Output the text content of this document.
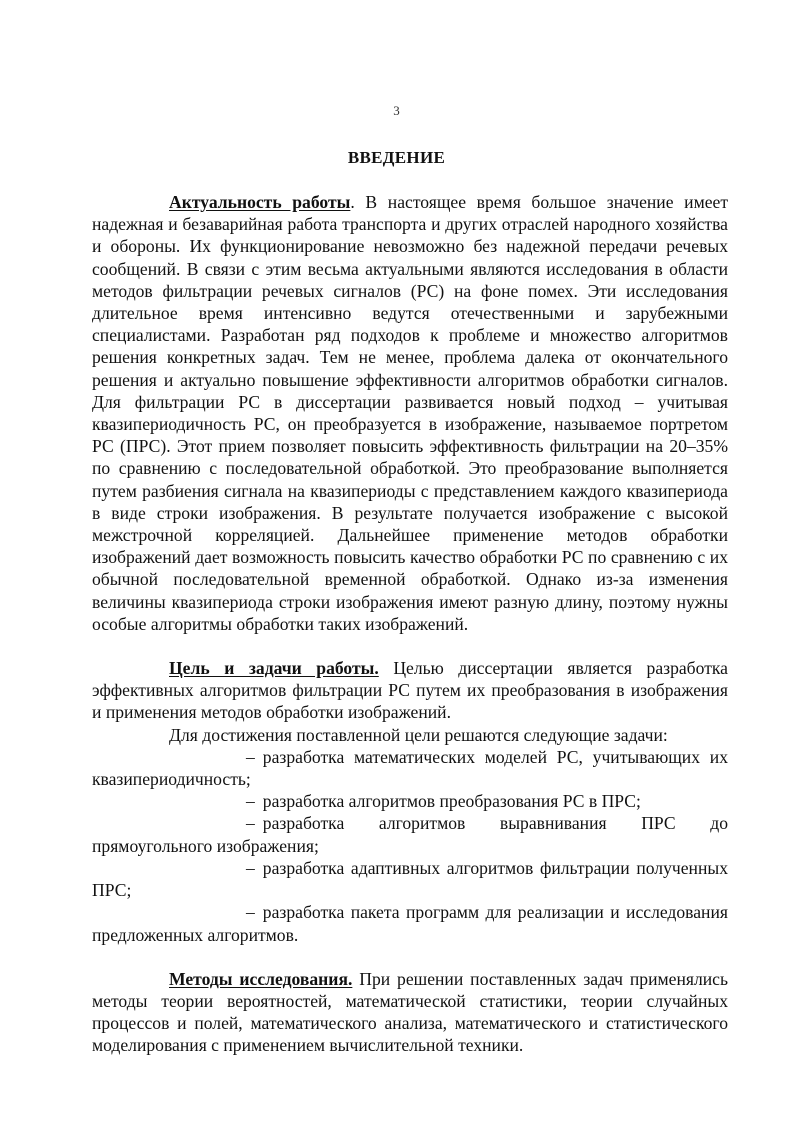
3
ВВЕДЕНИЕ

Актуальность работы. В настоящее время большое значение имеет надежная и безаварийная работа транспорта и других отраслей народного хозяйства и обороны. Их функционирование невозможно без надежной передачи речевых сообщений. В связи с этим весьма актуальными являются исследования в области методов фильтрации речевых сигналов (РС) на фоне помех. Эти исследования длительное время интенсивно ведутся отечественными и зарубежными специалистами. Разработан ряд подходов к проблеме и множество алгоритмов решения конкретных задач. Тем не менее, проблема далека от окончательного решения и актуально повышение эффективности алгоритмов обработки сигналов. Для фильтрации РС в диссертации развивается новый подход – учитывая квазипериодичность РС, он преобразуется в изображение, называемое портретом РС (ПРС). Этот прием позволяет повысить эффективность фильтрации на 20–35% по сравнению с последовательной обработкой. Это преобразование выполняется путем разбиения сигнала на квазипериоды с представлением каждого квазипериода в виде строки изображения. В результате получается изображение с высокой межстрочной корреляцией. Дальнейшее применение методов обработки изображений дает возможность повысить качество обработки РС по сравнению с их обычной последовательной временной обработкой. Однако из-за изменения величины квазипериода строки изображения имеют разную длину, поэтому нужны особые алгоритмы обработки таких изображений.

Цель и задачи работы. Целью диссертации является разработка эффективных алгоритмов фильтрации РС путем их преобразования в изображения и применения методов обработки изображений.

Для достижения поставленной цели решаются следующие задачи:

– разработка математических моделей РС, учитывающих их квазипериодичность;

– разработка алгоритмов преобразования РС в ПРС;

– разработка алгоритмов выравнивания ПРС до прямоугольного изображения;

– разработка адаптивных алгоритмов фильтрации полученных ПРС;

– разработка пакета программ для реализации и исследования предложенных алгоритмов.

Методы исследования. При решении поставленных задач применялись методы теории вероятностей, математической статистики, теории случайных процессов и полей, математического анализа, математического и статистического моделирования с применением вычислительной техники.
